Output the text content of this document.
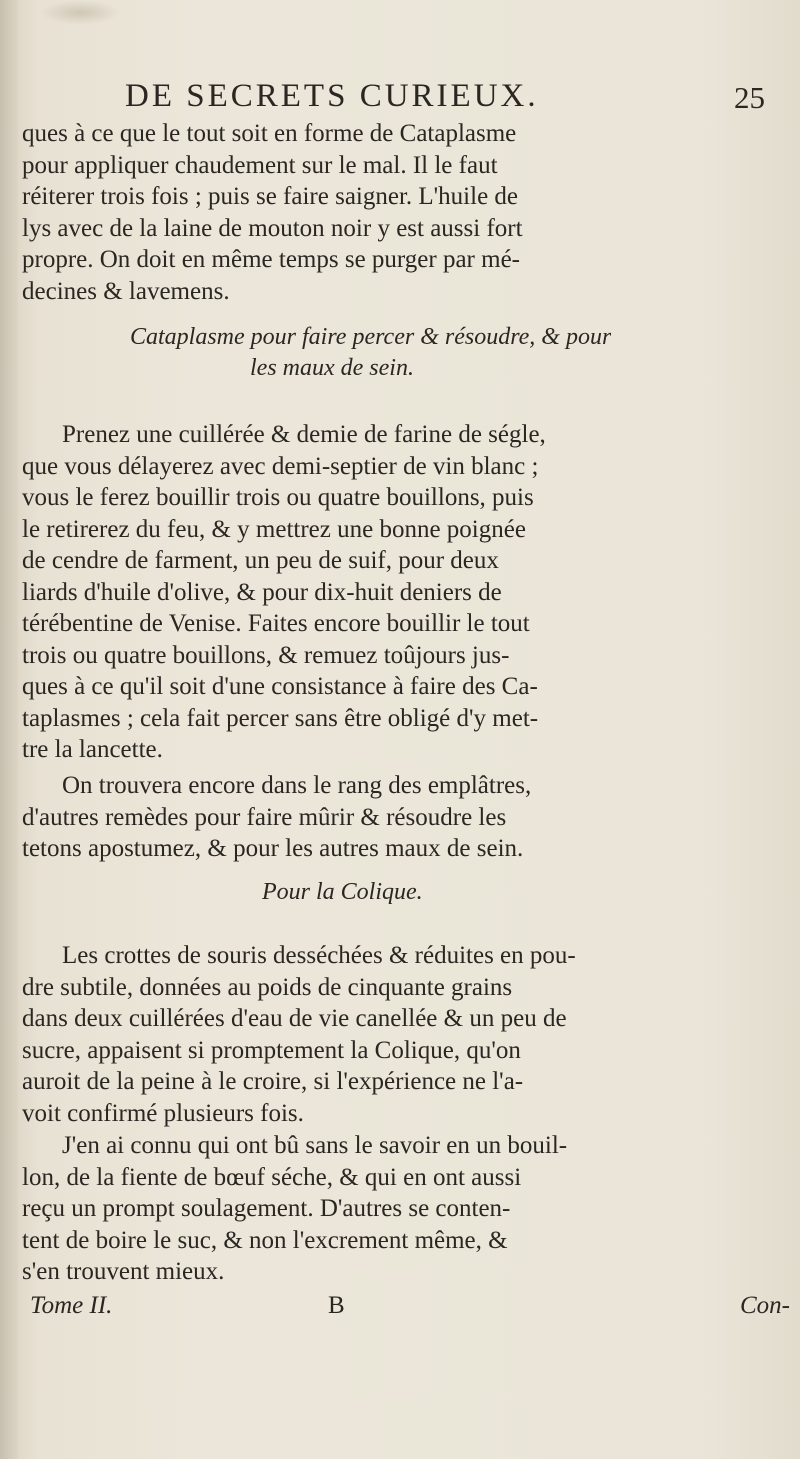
DE SECRETS CURIEUX.	25
ques à ce que le tout soit en forme de Cataplasme
pour appliquer chaudement sur le mal. Il le faut
réiterer trois fois ; puis se faire saigner. L'huile de
lys avec de la laine de mouton noir y est aussi fort
propre. On doit en même temps se purger par mé-
decines & lavemens.
Cataplasme pour faire percer & résoudre, & pour
les maux de sein.
Prenez une cuillérée & demie de farine de ségle,
que vous délayerez avec demi-septier de vin blanc ;
vous le ferez bouillir trois ou quatre bouillons, puis
le retirerez du feu, & y mettrez une bonne poignée
de cendre de farment, un peu de suif, pour deux
liards d'huile d'olive, & pour dix-huit deniers de
térébentine de Venise. Faites encore bouillir le tout
trois ou quatre bouillons, & remuez toûjours jus-
ques à ce qu'il soit d'une consistance à faire des Ca-
taplasmes ; cela fait percer sans être obligé d'y met-
tre la lancette.
On trouvera encore dans le rang des emplâtres,
d'autres remèdes pour faire mûrir & résoudre les
tetons apostumez, & pour les autres maux de sein.
Pour la Colique.
Les crottes de souris desséchées & réduites en pou-
dre subtile, données au poids de cinquante grains
dans deux cuillérées d'eau de vie canellée & un peu de
sucre, appaisent si promptement la Colique, qu'on
auroit de la peine à le croire, si l'expérience ne l'a-
voit confirmé plusieurs fois.
J'en ai connu qui ont bû sans le savoir en un bouil-
lon, de la fiente de bœuf séche, & qui en ont aussi
reçu un prompt soulagement. D'autres se conten-
tent de boire le suc, & non l'excrement même, &
s'en trouvent mieux.
Tome II.	B	Con-
